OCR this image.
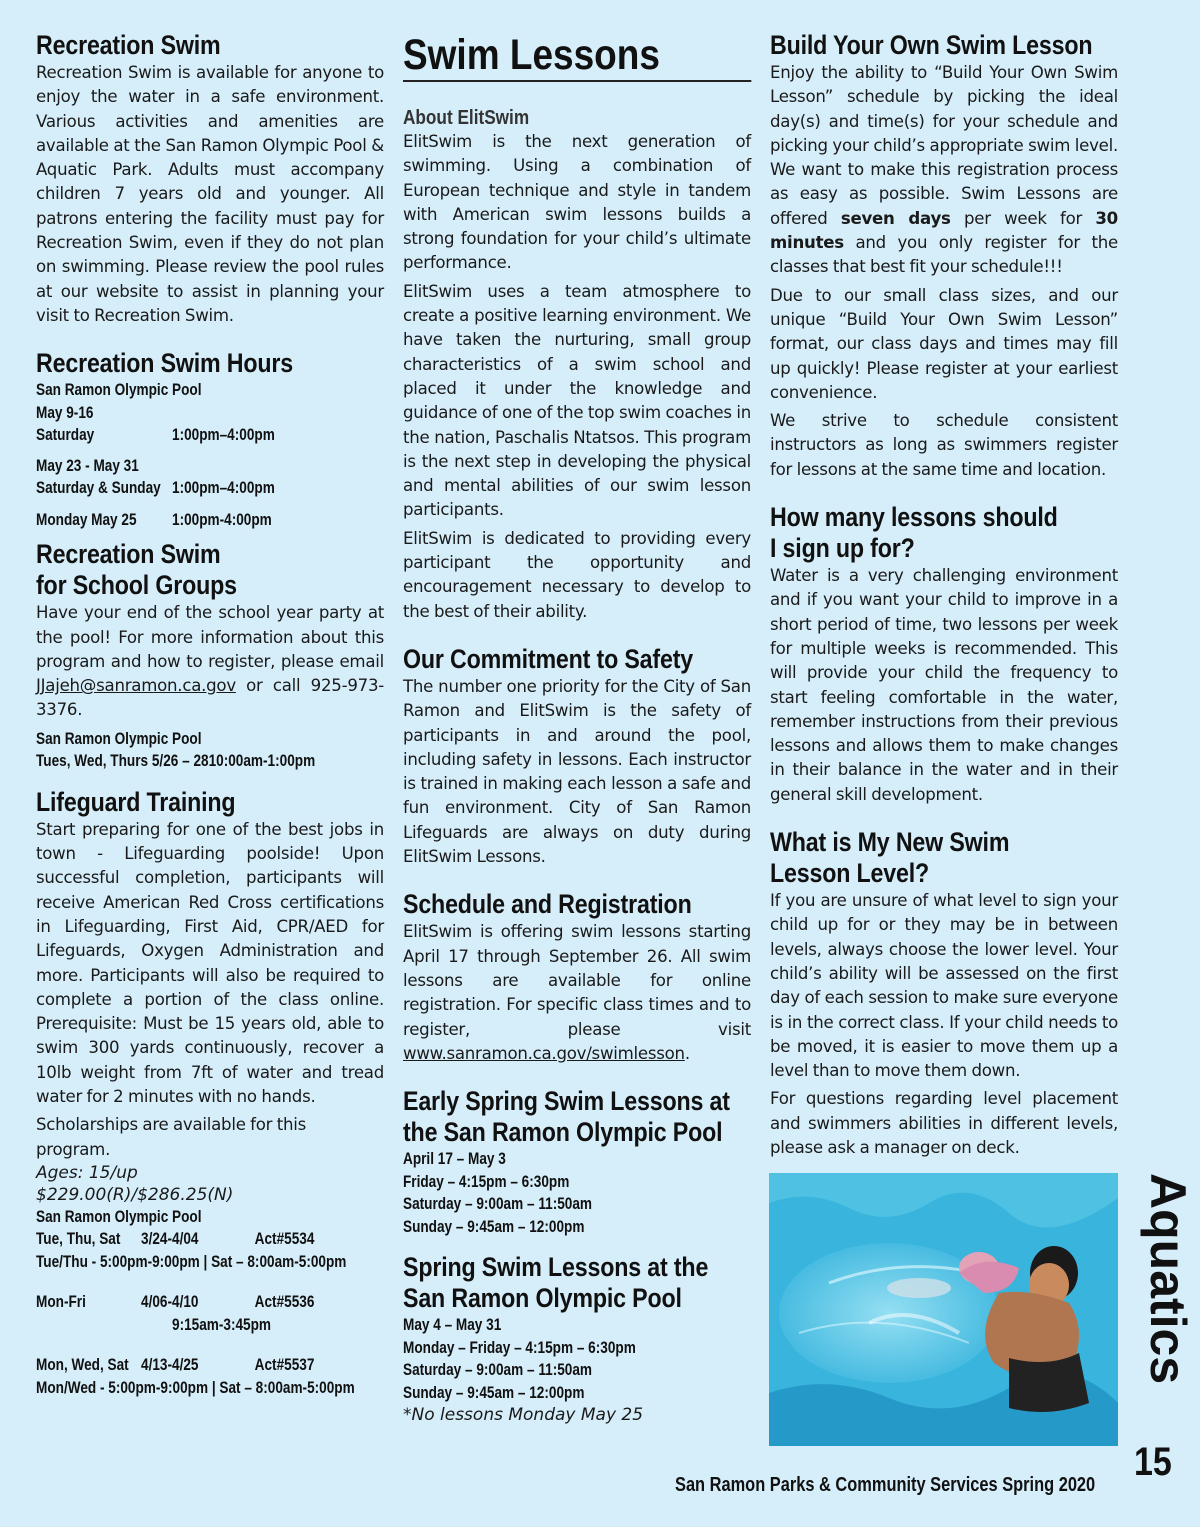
Recreation Swim

Recreation Swim is available for anyone to enjoy the water in a safe environment. Various activities and amenities are available at the San Ramon Olympic Pool & Aquatic Park. Adults must accompany children 7 years old and younger. All patrons entering the facility must pay for Recreation Swim, even if they do not plan on swimming. Please review the pool rules at our website to assist in planning your visit to Recreation Swim.

Recreation Swim Hours
San Ramon Olympic Pool
May 9-16
Saturday	1:00pm–4:00pm
May 23 - May 31
Saturday & Sunday 1:00pm–4:00pm
Monday May 25	1:00pm-4:00pm
Recreation Swim
for School Groups

Have your end of the school year party at the pool! For more information about this program and how to register, please email JJajeh@sanramon.ca.gov or call 925-973-3376.

San Ramon Olympic Pool
Tues, Wed, Thurs 5/26 – 28 10:00am-1:00pm
Lifeguard Training

Start preparing for one of the best jobs in town - Lifeguarding poolside! Upon successful completion, participants will receive American Red Cross certifications in Lifeguarding, First Aid, CPR/AED for Lifeguards, Oxygen Administration and more. Participants will also be required to complete a portion of the class online. Prerequisite: Must be 15 years old, able to swim 300 yards continuously, recover a 10lb weight from 7ft of water and tread water for 2 minutes with no hands.

Scholarships are available for this program.

Ages: 15/up
$229.00(R)/$286.25(N)
San Ramon Olympic Pool
Tue, Thu, Sat	3/24-4/04	Act#5534
Tue/Thu - 5:00pm-9:00pm | Sat – 8:00am-5:00pm
Mon-Fri	4/06-4/10	Act#5536
9:15am-3:45pm
Mon, Wed, Sat 4/13-4/25	Act#5537
Mon/Wed - 5:00pm-9:00pm | Sat – 8:00am-5:00pm
Swim Lessons
About ElitSwim

ElitSwim is the next generation of swimming. Using a combination of European technique and style in tandem with American swim lessons builds a strong foundation for your child’s ultimate performance.

ElitSwim uses a team atmosphere to create a positive learning environment. We have taken the nurturing, small group characteristics of a swim school and placed it under the knowledge and guidance of one of the top swim coaches in the nation, Paschalis Ntatsos. This program is the next step in developing the physical and mental abilities of our swim lesson participants.

ElitSwim is dedicated to providing every participant the opportunity and encouragement necessary to develop to the best of their ability.

Our Commitment to Safety

The number one priority for the City of San Ramon and ElitSwim is the safety of participants in and around the pool, including safety in lessons. Each instructor is trained in making each lesson a safe and fun environment. City of San Ramon Lifeguards are always on duty during ElitSwim Lessons.

Schedule and Registration

ElitSwim is offering swim lessons starting April 17 through September 26. All swim lessons are available for online registration. For specific class times and to register, please visit www.sanramon.ca.gov/swimlesson.

Early Spring Swim Lessons at
the San Ramon Olympic Pool
April 17 – May 3
Friday – 4:15pm – 6:30pm
Saturday – 9:00am – 11:50am
Sunday – 9:45am – 12:00pm
Spring Swim Lessons at the
San Ramon Olympic Pool
May 4 – May 31
Monday – Friday – 4:15pm – 6:30pm
Saturday – 9:00am – 11:50am
Sunday – 9:45am – 12:00pm
*No lessons Monday May 25
Build Your Own Swim Lesson

Enjoy the ability to “Build Your Own Swim Lesson” schedule by picking the ideal day(s) and time(s) for your schedule and picking your child’s appropriate swim level. We want to make this registration process as easy as possible. Swim Lessons are offered seven days per week for 30 minutes and you only register for the classes that best fit your schedule!!!

Due to our small class sizes, and our unique “Build Your Own Swim Lesson” format, our class days and times may fill up quickly! Please register at your earliest convenience.

We strive to schedule consistent instructors as long as swimmers register for lessons at the same time and location.

How many lessons should
I sign up for?

Water is a very challenging environment and if you want your child to improve in a short period of time, two lessons per week for multiple weeks is recommended. This will provide your child the frequency to start feeling comfortable in the water, remember instructions from their previous lessons and allows them to make changes in their balance in the water and in their general skill development.

What is My New Swim
Lesson Level?

If you are unsure of what level to sign your child up for or they may be in between levels, always choose the lower level. Your child’s ability will be assessed on the first day of each session to make sure everyone is in the correct class. If your child needs to be moved, it is easier to move them up a level than to move them down.

For questions regarding level placement and swimmers abilities in different levels, please ask a manager on deck.

Aquatics
15
San Ramon Parks & Community Services Spring 2020
